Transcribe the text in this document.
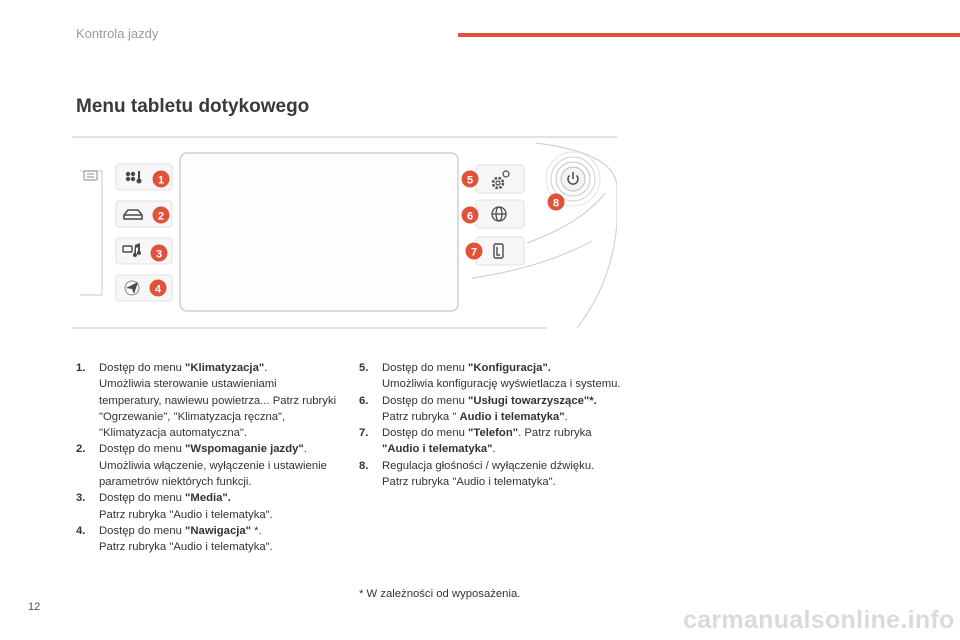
Kontrola jazdy
Menu tabletu dotykowego
1
2
3
4
5
6
7
8
1. Dostęp do menu "Klimatyzacja".
Umożliwia sterowanie ustawieniami temperatury, nawiewu powietrza... Patrz rubryki "Ogrzewanie", "Klimatyzacja ręczna", "Klimatyzacja automatyczna".
2. Dostęp do menu "Wspomaganie jazdy".
Umożliwia włączenie, wyłączenie i ustawienie parametrów niektórych funkcji.
3. Dostęp do menu "Media".
Patrz rubryka "Audio i telematyka".
4. Dostęp do menu "Nawigacja" *.
Patrz rubryka "Audio i telematyka".
5. Dostęp do menu "Konfiguracja".
Umożliwia konfigurację wyświetlacza i systemu.
6. Dostęp do menu "Usługi towarzyszące"*.
Patrz rubryka " Audio i telematyka".
7. Dostęp do menu "Telefon". Patrz rubryka
"Audio i telematyka".
8. Regulacja głośności / wyłączenie dźwięku.
Patrz rubryka "Audio i telematyka".
* W zależności od wyposażenia.
12	carmanualsonline.info
